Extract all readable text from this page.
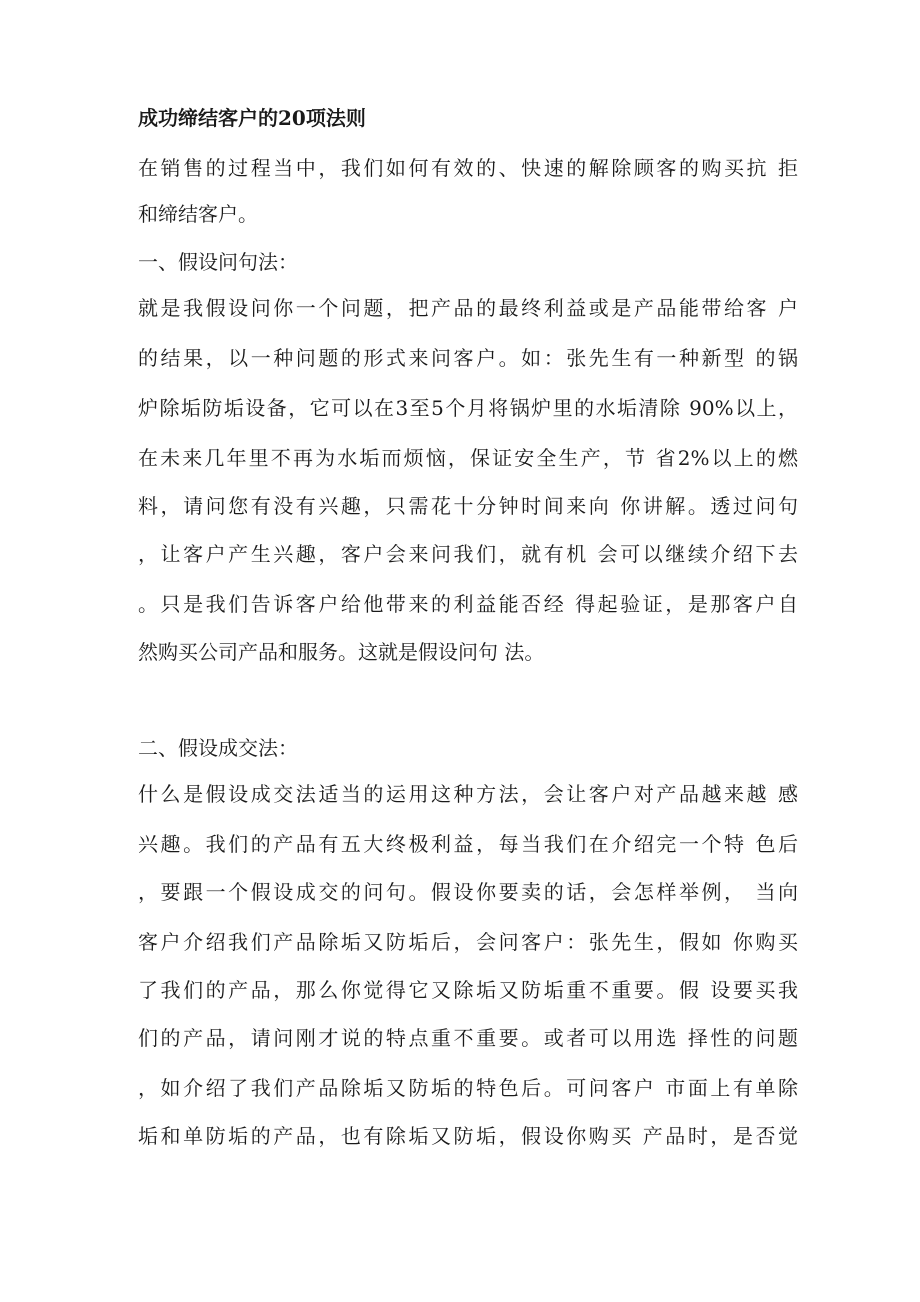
成功缔结客户的20项法则
在销售的过程当中，我们如何有效的、快速的解除顾客的购买抗 拒
和缔结客户。
一、假设问句法：
就是我假设问你一个问题，把产品的最终利益或是产品能带给客 户
的结果，以一种问题的形式来问客户。如：张先生有一种新型 的锅
炉除垢防垢设备，它可以在3至5个月将锅炉里的水垢清除 90%以上，
在未来几年里不再为水垢而烦恼，保证安全生产，节 省2%以上的燃
料，请问您有没有兴趣，只需花十分钟时间来向 你讲解。透过问句
，让客户产生兴趣，客户会来问我们，就有机 会可以继续介绍下去
。只是我们告诉客户给他带来的利益能否经 得起验证，是那客户自
然购买公司产品和服务。这就是假设问句 法。
二、假设成交法：
什么是假设成交法适当的运用这种方法，会让客户对产品越来越 感
兴趣。我们的产品有五大终极利益，每当我们在介绍完一个特 色后
，要跟一个假设成交的问句。假设你要卖的话，会怎样举例， 当向
客户介绍我们产品除垢又防垢后，会问客户：张先生，假如 你购买
了我们的产品，那么你觉得它又除垢又防垢重不重要。假 设要买我
们的产品，请问刚才说的特点重不重要。或者可以用选 择性的问题
，如介绍了我们产品除垢又防垢的特色后。可问客户 市面上有单除
垢和单防垢的产品，也有除垢又防垢，假设你购买 产品时，是否觉
